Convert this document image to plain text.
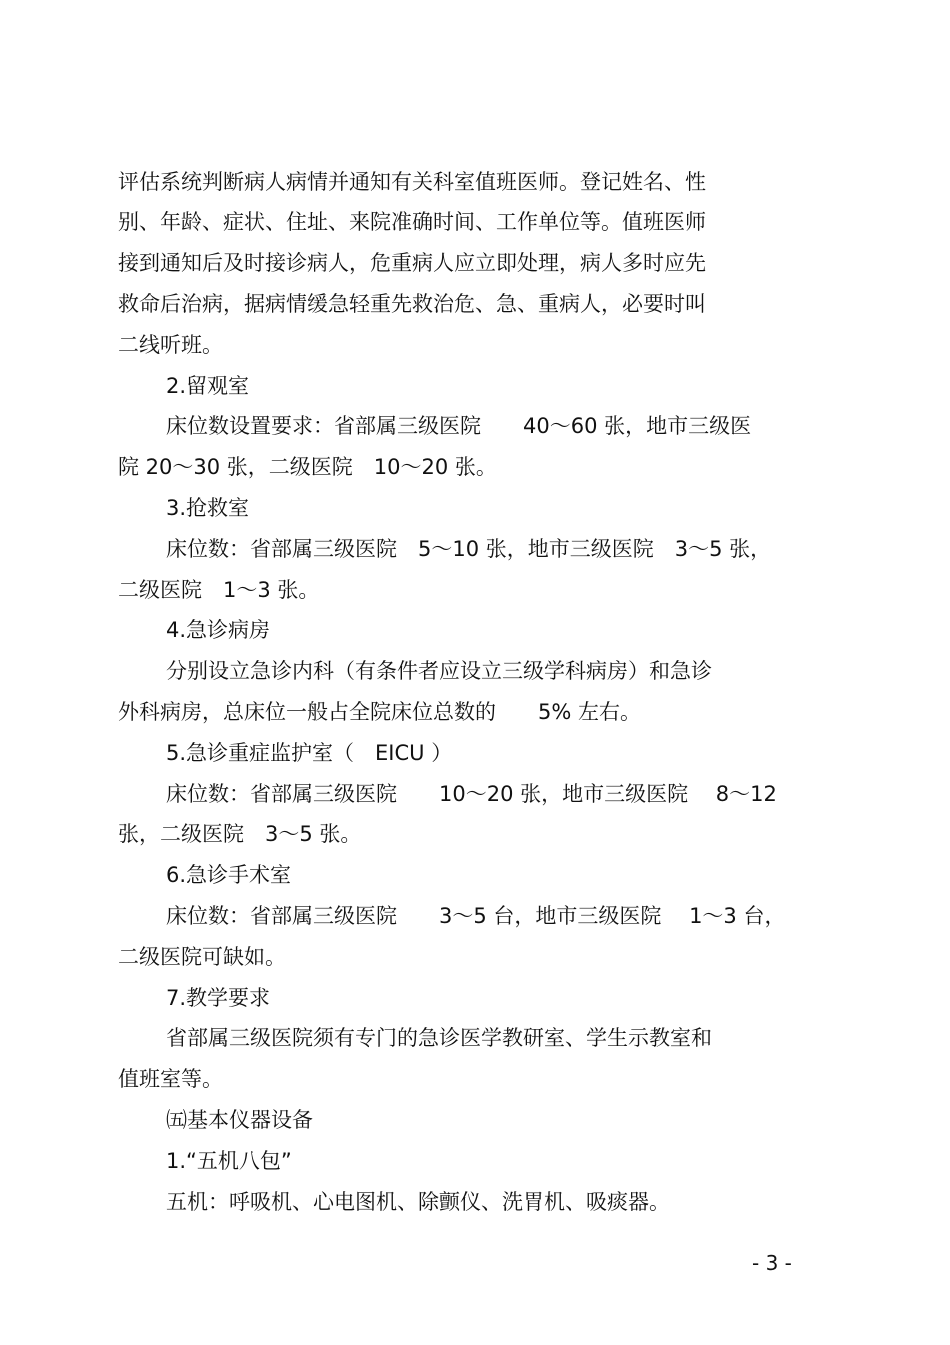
评估系统判断病人病情并通知有关科室值班医师。登记姓名、性
别、年龄、症状、住址、来院准确时间、工作单位等。值班医师
接到通知后及时接诊病人，危重病人应立即处理，病人多时应先
救命后治病，据病情缓急轻重先救治危、急、重病人，必要时叫
二线听班。
2.留观室
床位数设置要求：省部属三级医院　　40～60 张，地市三级医
院 20～30 张，二级医院　10～20 张。
3.抢救室
床位数：省部属三级医院　5～10 张，地市三级医院　3～5 张，
二级医院　1～3 张。
4.急诊病房
分别设立急诊内科（有条件者应设立三级学科病房）和急诊
外科病房，总床位一般占全院床位总数的　　5% 左右。
5.急诊重症监护室（　EICU ）
床位数：省部属三级医院　　10～20 张，地市三级医院　 8～12
张，二级医院　3～5 张。
6.急诊手术室
床位数：省部属三级医院　　3～5 台，地市三级医院　 1～3 台，
二级医院可缺如。
7.教学要求
省部属三级医院须有专门的急诊医学教研室、学生示教室和
值班室等。
㈤基本仪器设备
1.“五机八包”
五机：呼吸机、心电图机、除颤仪、洗胃机、吸痰器。
- 3 -
